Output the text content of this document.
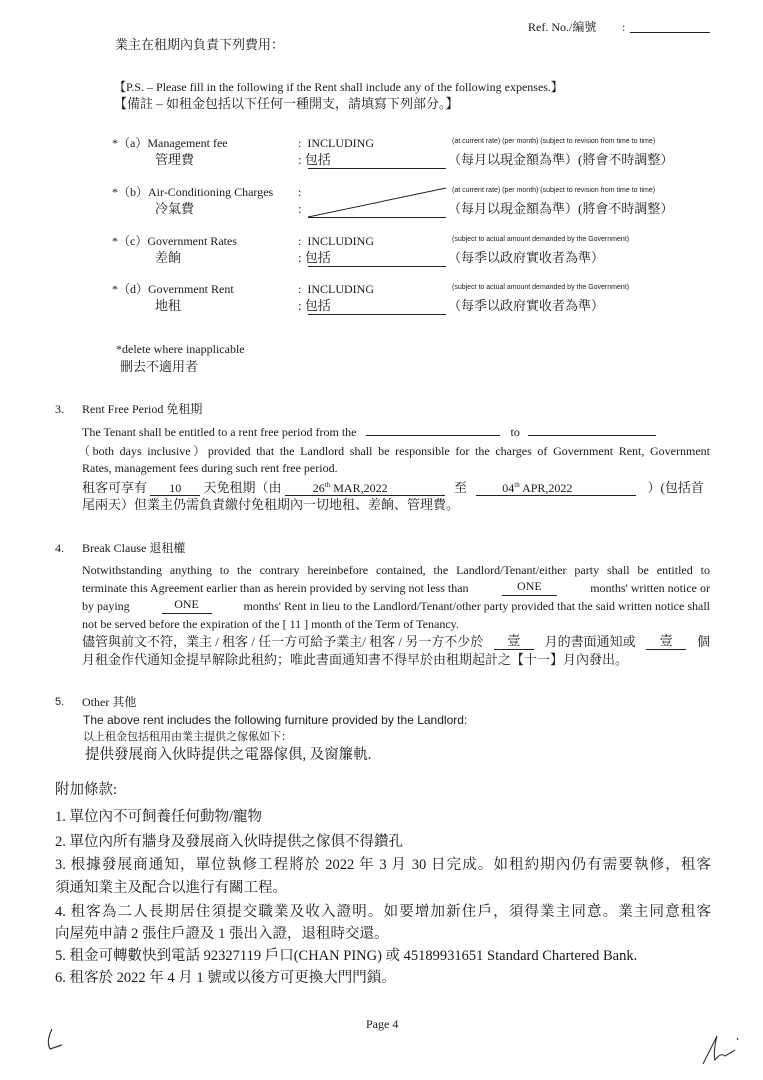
Ref. No./編號 :
業主在租期內負責下列費用：
【P.S. – Please fill in the following if the Rent shall include any of the following expenses.】
【備註 – 如租金包括以下任何一種開支，請填寫下列部分。】
*（a）Management fee
管理費
:  INCLUDING
: 包括
(at current rate) (per month) (subject to revision from time to time)
（每月以現金額為準）(將會不時調整）
*（b）Air-Conditioning Charges
冷氣費
:
:
(at current rate) (per month) (subject to revision from time to time)
（每月以現金額為準）(將會不時調整）
*（c）Government Rates
差餉
:  INCLUDING
: 包括
(subject to actual amount demanded by the Government)
（每季以政府實收者為準）
*（d）Government Rent
地租
:  INCLUDING
: 包括
(subject to actual amount demanded by the Government)
（每季以政府實收者為準）
*delete where inapplicable
刪去不適用者
3. Rent Free Period 免租期
The Tenant shall be entitled to a rent free period from the	to
（both days inclusive）provided that the Landlord shall be responsible for the charges of Government Rent, Government
Rates, management fees during such rent free period.
租客可享有 10 天免租期（由	26th MAR,2022	至	04th APR,2022	）(包括首
尾兩天）但業主仍需負責繳付免租期內一切地租、差餉、管理費。
4. Break Clause 退租權
Notwithstanding anything to the contrary hereinbefore contained, the Landlord/Tenant/either party shall be entitled to
terminate this Agreement earlier than as herein provided by serving not less than	ONE	months' written notice or
by paying	ONE	months' Rent in lieu to the Landlord/Tenant/other party provided that the said written notice shall
not be served before the expiration of the [ 11 ] month of the Term of Tenancy.
儘管與前文不符，業主 / 租客 / 任一方可給予業主/ 租客 / 另一方不少於	壹	月的書面通知或	壹	個
月租金作代通知金提早解除此租約；唯此書面通知書不得早於由租期起計之【十一】月內發出。
5. Other 其他
The above rent includes the following furniture provided by the Landlord:
以上租金包括租用由業主提供之傢俬如下：
提供發展商入伙時提供之電器傢俱, 及窗簾軌.
附加條款:
1. 單位內不可飼養任何動物/寵物
2. 單位內所有牆身及發展商入伙時提供之傢俱不得鑽孔
3. 根據發展商通知，單位執修工程將於 2022 年 3 月 30 日完成。如租約期內仍有需要執修，租客
須通知業主及配合以進行有關工程。
4. 租客為二人長期居住須提交職業及收入證明。如要增加新住戶，須得業主同意。業主同意租客
向屋苑申請 2 張住戶證及 1 張出入證，退租時交還。
5. 租金可轉數快到電話 92327119 戶口(CHAN PING) 或 45189931651 Standard Chartered Bank.
6. 租客於 2022 年 4 月 1 號或以後方可更換大門門鎖。
Page 4
